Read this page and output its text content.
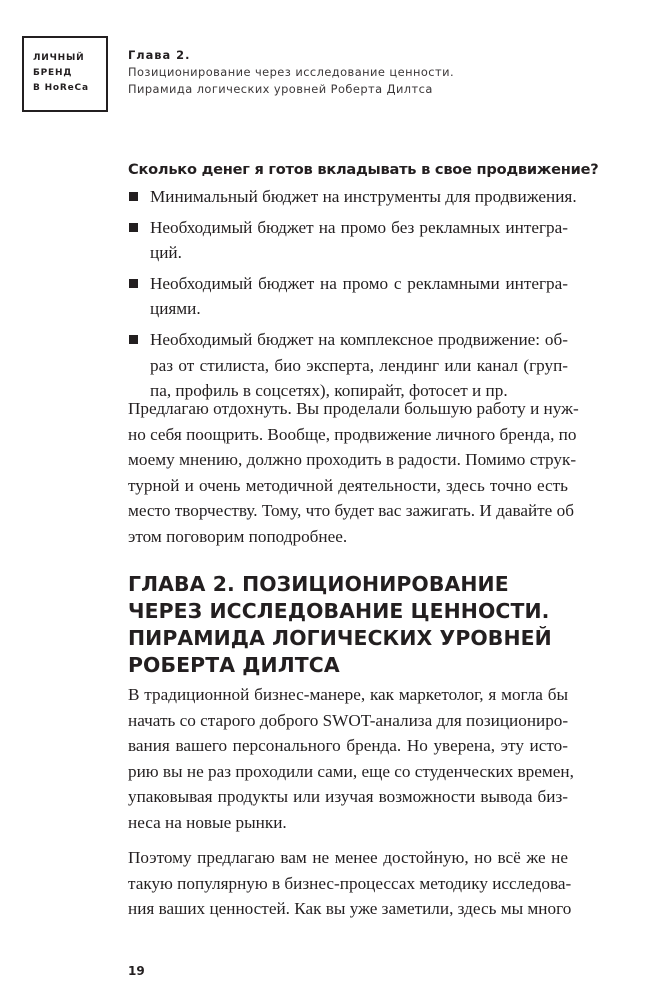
ЛИЧНЫЙ
БРЕНД
В HoReCa
Глава 2.
Позиционирование через исследование ценности.
Пирамида логических уровней Роберта Дилтса
Сколько денег я готов вкладывать в свое продвижение?
Минимальный бюджет на инструменты для продвижения.
Необходимый бюджет на промо без рекламных интегра-
ций.
Необходимый бюджет на промо с рекламными интегра-
циями.
Необходимый бюджет на комплексное продвижение: об-
раз от стилиста, био эксперта, лендинг или канал (груп-
па, профиль в соцсетях), копирайт, фотосет и пр.
Предлагаю отдохнуть. Вы проделали большую работу и нуж-
но себя поощрить. Вообще, продвижение личного бренда, по
моему мнению, должно проходить в радости. Помимо струк-
турной и очень методичной деятельности, здесь точно есть
место творчеству. Тому, что будет вас зажигать. И давайте об
этом поговорим поподробнее.
ГЛАВА 2. ПОЗИЦИОНИРОВАНИЕ
ЧЕРЕЗ ИССЛЕДОВАНИЕ ЦЕННОСТИ.
ПИРАМИДА ЛОГИЧЕСКИХ УРОВНЕЙ
РОБЕРТА ДИЛТСА
В традиционной бизнес-манере, как маркетолог, я могла бы
начать со старого доброго SWOT-анализа для позициониро-
вания вашего персонального бренда. Но уверена, эту исто-
рию вы не раз проходили сами, еще со студенческих времен,
упаковывая продукты или изучая возможности вывода биз-
неса на новые рынки.
Поэтому предлагаю вам не менее достойную, но всё же не
такую популярную в бизнес-процессах методику исследова-
ния ваших ценностей. Как вы уже заметили, здесь мы много
19
